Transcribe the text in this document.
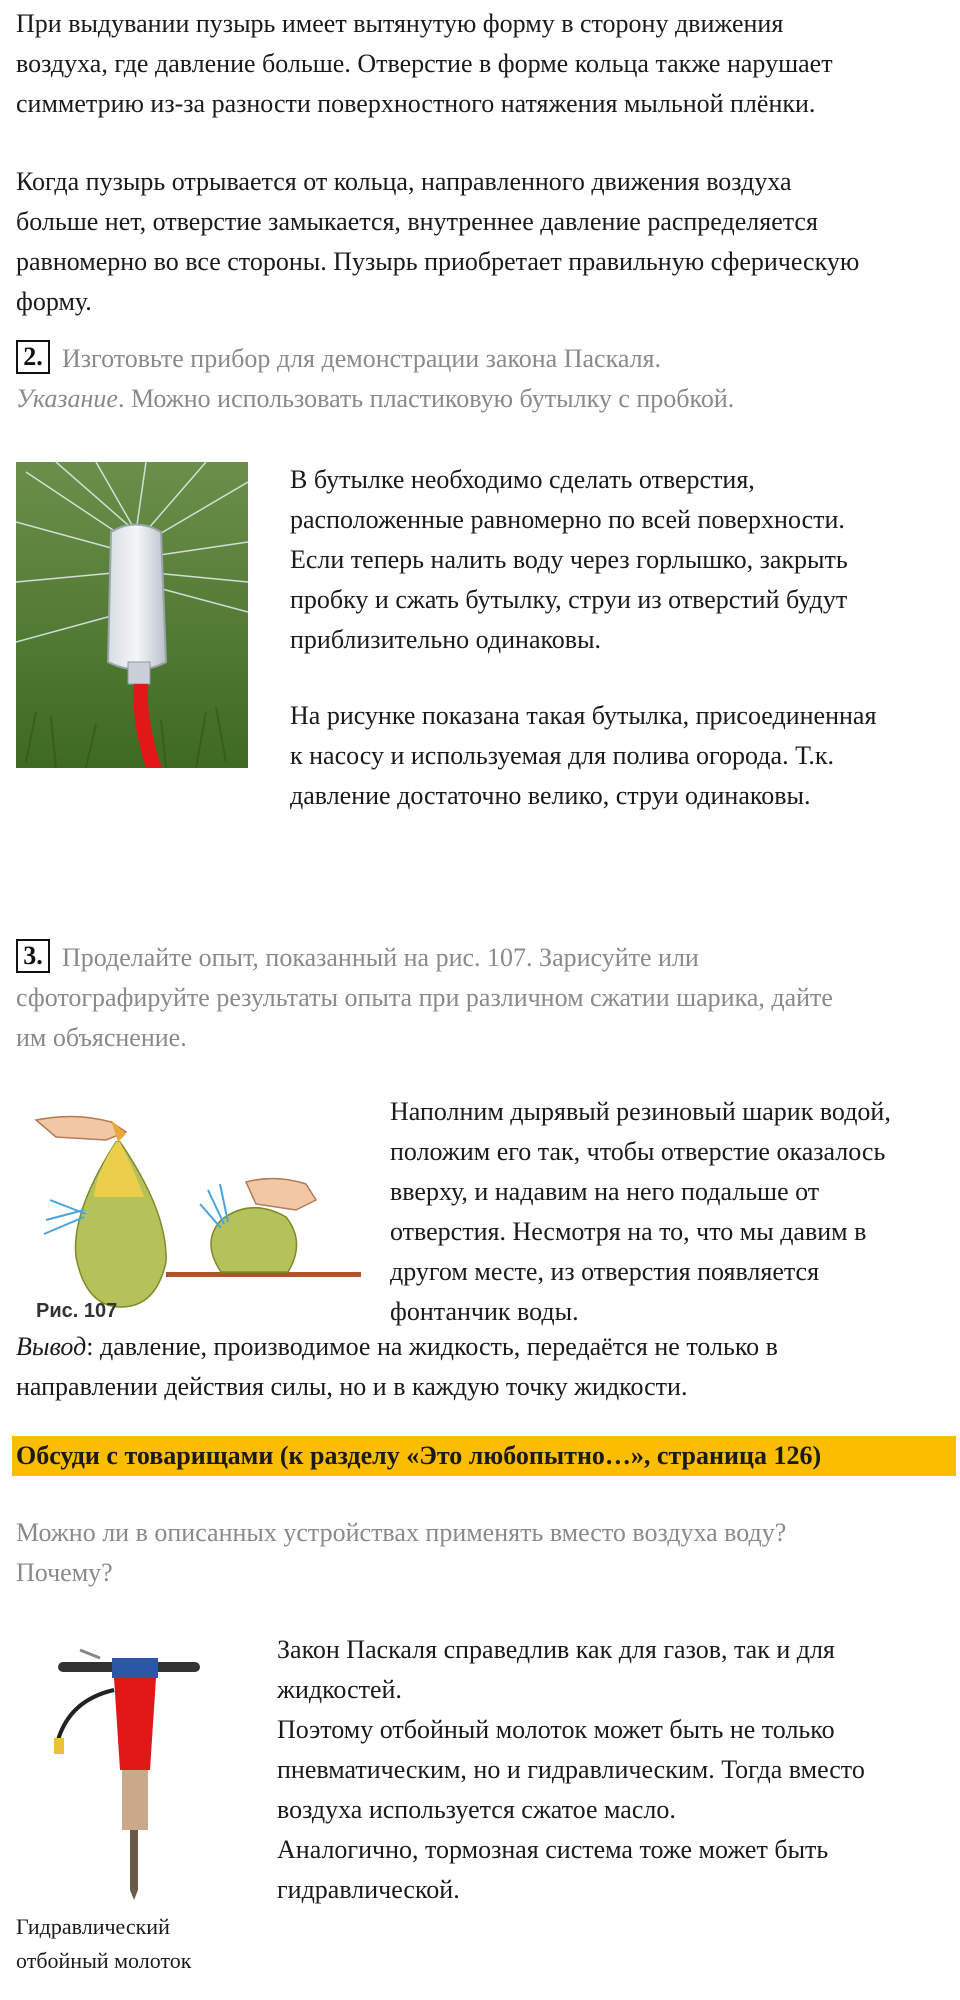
При выдувании пузырь имеет вытянутую форму в сторону движения
воздуха, где давление больше. Отверстие в форме кольца также нарушает
симметрию из-за разности поверхностного натяжения мыльной плёнки.
Когда пузырь отрывается от кольца, направленного движения воздуха
больше нет, отверстие замыкается, внутреннее давление распределяется
равномерно во все стороны. Пузырь приобретает правильную сферическую
форму.
2. Изготовьте прибор для демонстрации закона Паскаля.
Указание. Можно использовать пластиковую бутылку с пробкой.
В бутылке необходимо сделать отверстия,
расположенные равномерно по всей поверхности.
Если теперь налить воду через горлышко, закрыть
пробку и сжать бутылку, струи из отверстий будут
приблизительно одинаковы.
На рисунке показана такая бутылка, присоединенная
к насосу и используемая для полива огорода. Т.к.
давление достаточно велико, струи одинаковы.
3. Проделайте опыт, показанный на рис. 107. Зарисуйте или
сфотографируйте результаты опыта при различном сжатии шарика, дайте
им объяснение.
Рис. 107
Наполним дырявый резиновый шарик водой,
положим его так, чтобы отверстие оказалось
вверху, и надавим на него подальше от
отверстия. Несмотря на то, что мы давим в
другом месте, из отверстия появляется
фонтанчик воды.
Вывод: давление, производимое на жидкость, передаётся не только в
направлении действия силы, но и в каждую точку жидкости.
Обсуди с товарищами (к разделу «Это любопытно…», страница 126)
Можно ли в описанных устройствах применять вместо воздуха воду?
Почему?
Закон Паскаля справедлив как для газов, так и для
жидкостей.
Поэтому отбойный молоток может быть не только
пневматическим, но и гидравлическим. Тогда вместо
воздуха используется сжатое масло.
Аналогично, тормозная система тоже может быть
гидравлической.
Гидравлический
отбойный молоток
